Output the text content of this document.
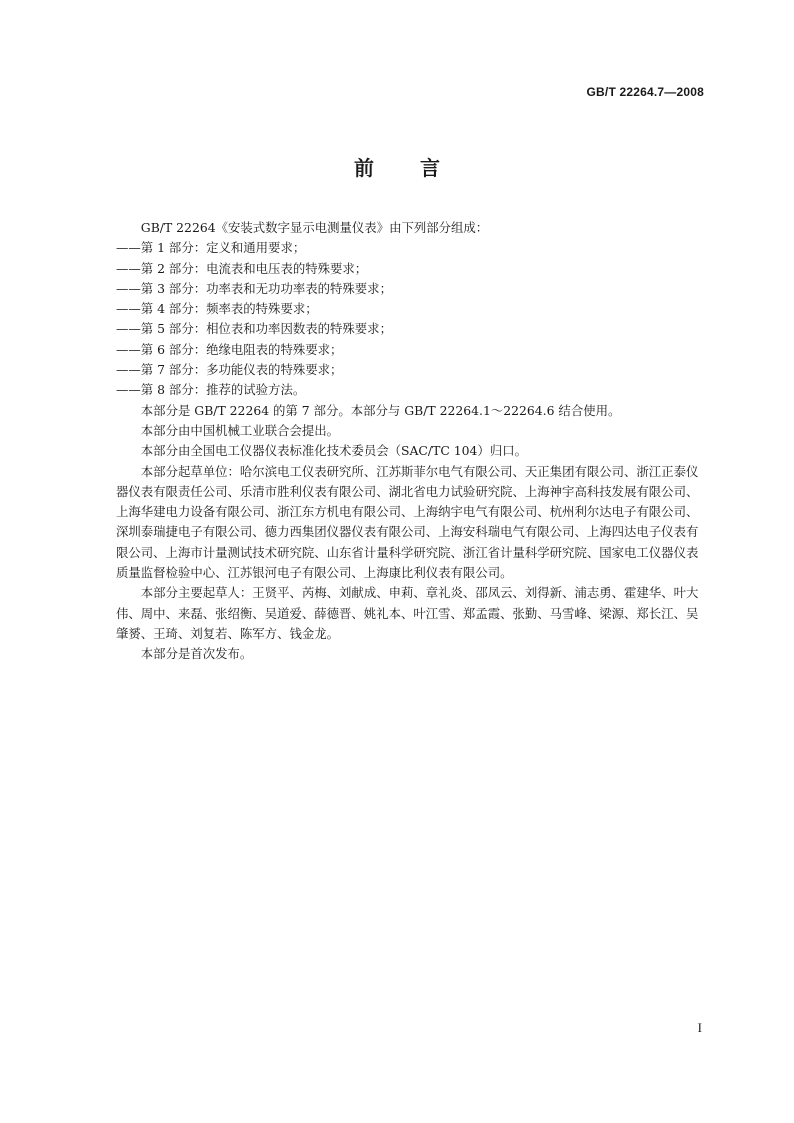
GB/T 22264.7—2008
前言

GB/T 22264《安装式数字显示电测量仪表》由下列部分组成：

——第 1 部分：定义和通用要求；

——第 2 部分：电流表和电压表的特殊要求；

——第 3 部分：功率表和无功功率表的特殊要求；

——第 4 部分：频率表的特殊要求；

——第 5 部分：相位表和功率因数表的特殊要求；

——第 6 部分：绝缘电阻表的特殊要求；

——第 7 部分：多功能仪表的特殊要求；

——第 8 部分：推荐的试验方法。

本部分是 GB/T 22264 的第 7 部分。本部分与 GB/T 22264.1～22264.6 结合使用。

本部分由中国机械工业联合会提出。

本部分由全国电工仪器仪表标准化技术委员会（SAC/TC 104）归口。

本部分起草单位：哈尔滨电工仪表研究所、江苏斯菲尔电气有限公司、天正集团有限公司、浙江正泰仪器仪表有限责任公司、乐清市胜利仪表有限公司、湖北省电力试验研究院、上海神宇高科技发展有限公司、上海华建电力设备有限公司、浙江东方机电有限公司、上海纳宇电气有限公司、杭州利尔达电子有限公司、深圳泰瑞捷电子有限公司、德力西集团仪器仪表有限公司、上海安科瑞电气有限公司、上海四达电子仪表有限公司、上海市计量测试技术研究院、山东省计量科学研究院、浙江省计量科学研究院、国家电工仪器仪表质量监督检验中心、江苏银河电子有限公司、上海康比利仪表有限公司。

本部分主要起草人：王贤平、芮梅、刘献成、申莉、章礼炎、邵凤云、刘得新、浦志勇、霍建华、叶大伟、周中、来磊、张绍衡、吴道爱、薛德晋、姚礼本、叶江雪、郑孟霞、张勤、马雪峰、梁源、郑长江、吴肇赟、王琦、刘复若、陈军方、钱金龙。

本部分是首次发布。

I
